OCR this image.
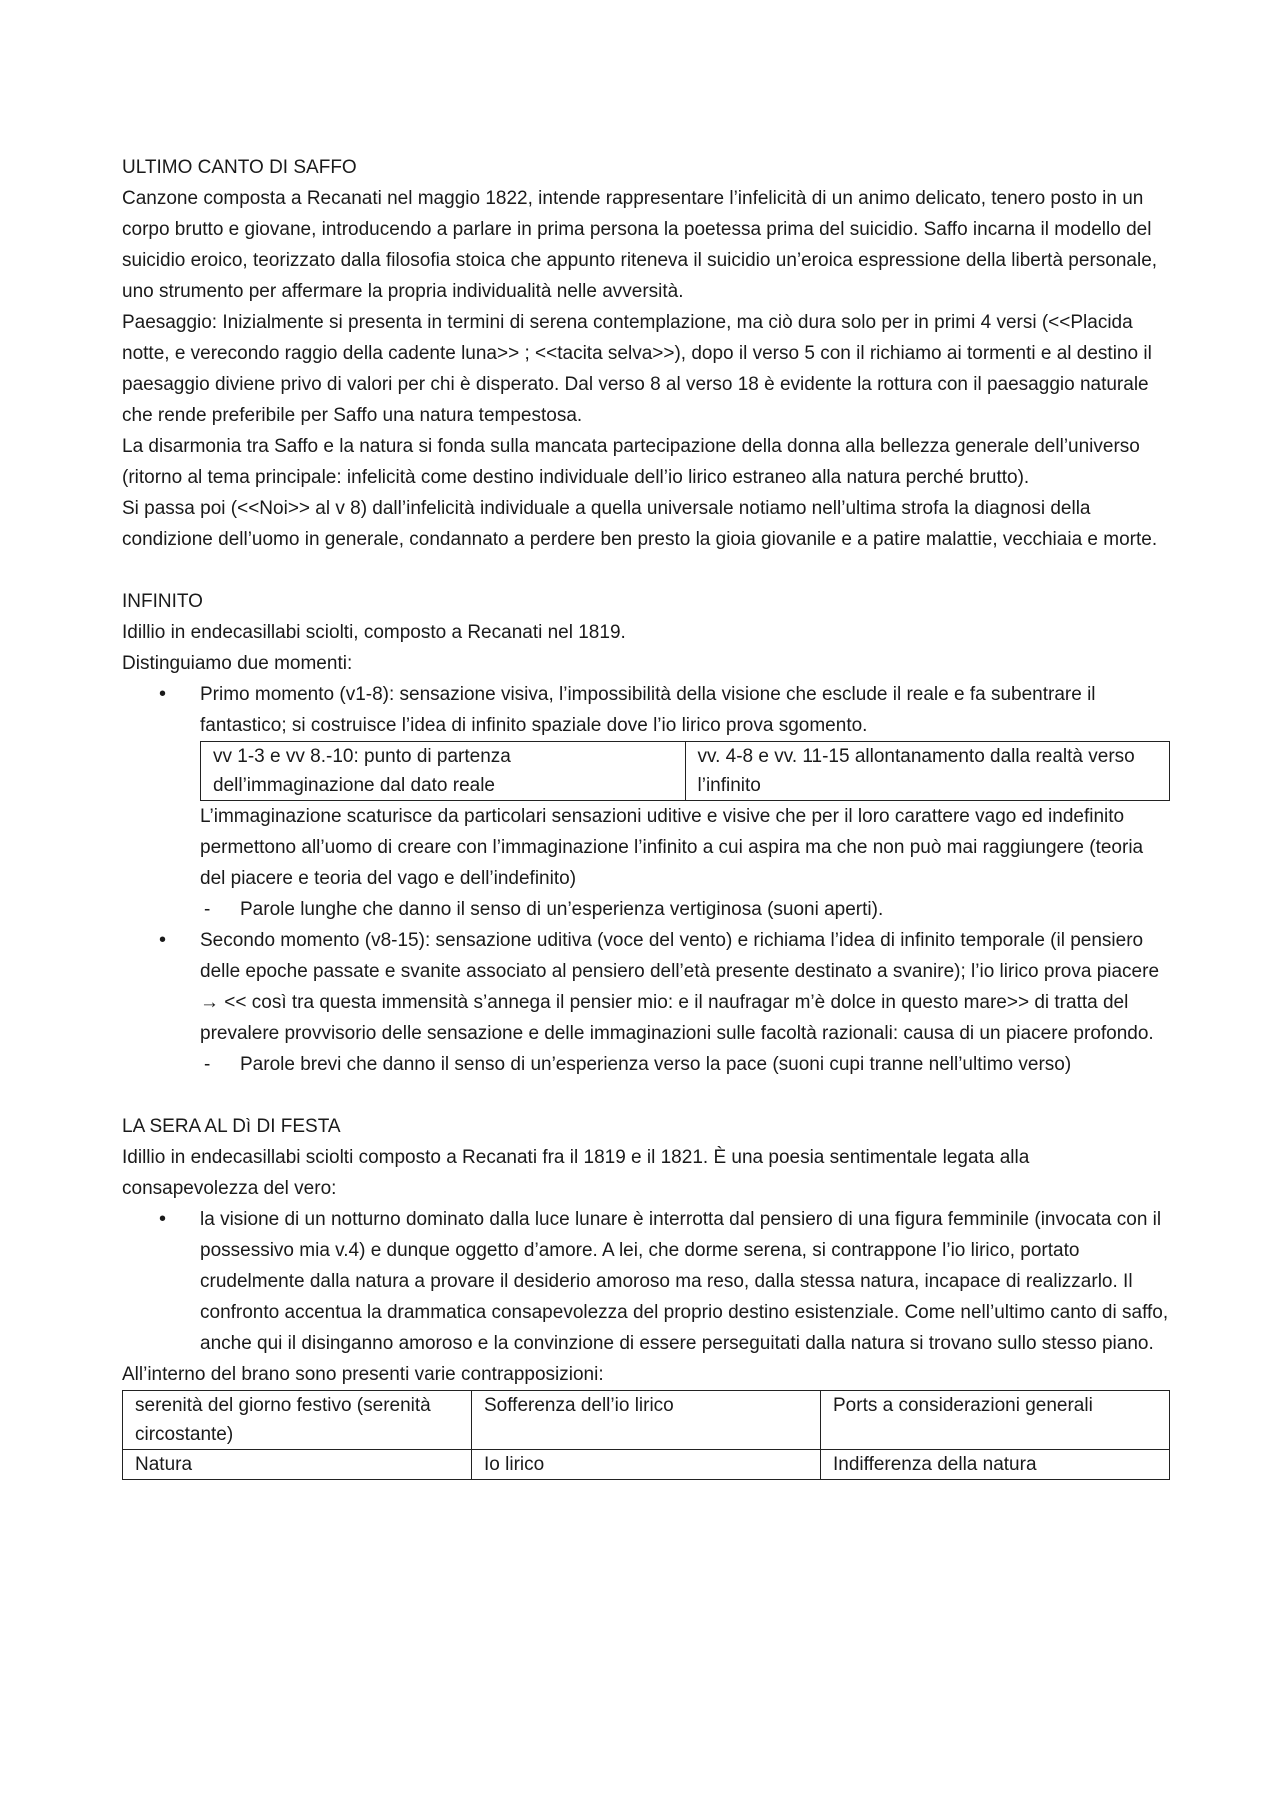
ULTIMO CANTO DI SAFFO

Canzone composta a Recanati nel maggio 1822, intende rappresentare l’infelicità di un animo delicato, tenero posto in un corpo brutto e giovane, introducendo a parlare in prima persona la poetessa prima del suicidio. Saffo incarna il modello del suicidio eroico, teorizzato dalla filosofia stoica che appunto riteneva il suicidio un’eroica espressione della libertà personale, uno strumento per affermare la propria individualità nelle avversità.

Paesaggio: Inizialmente si presenta in termini di serena contemplazione, ma ciò dura solo per in primi 4 versi (<<Placida notte, e verecondo raggio della cadente luna>> ; <<tacita selva>>), dopo il verso 5 con il richiamo ai tormenti e al destino il paesaggio diviene privo di valori per chi è disperato. Dal verso 8 al verso 18 è evidente la rottura con il paesaggio naturale che rende preferibile per Saffo una natura tempestosa.

La disarmonia tra Saffo e la natura si fonda sulla mancata partecipazione della donna alla bellezza generale dell’universo (ritorno al tema principale: infelicità come destino individuale dell’io lirico estraneo alla natura perché brutto).

Si passa poi (<<Noi>> al v 8) dall’infelicità individuale a quella universale notiamo nell’ultima strofa la diagnosi della condizione dell’uomo in generale, condannato a perdere ben presto la gioia giovanile e a patire malattie, vecchiaia e morte.

INFINITO

Idillio in endecasillabi sciolti, composto a Recanati nel 1819.

Distinguiamo due momenti:

• Primo momento (v1-8): sensazione visiva, l’impossibilità della visione che esclude il reale e fa subentrare il fantastico; si costruisce l’idea di infinito spaziale dove l’io lirico prova sgomento.
vv 1-3 e vv 8.-10: punto di partenza dell’immaginazione dal dato reale	vv. 4-8 e vv. 11-15 allontanamento dalla realtà verso l’infinito

L’immaginazione scaturisce da particolari sensazioni uditive e visive che per il loro carattere vago ed indefinito permettono all’uomo di creare con l’immaginazione l’infinito a cui aspira ma che non può mai raggiungere (teoria del piacere e teoria del vago e dell’indefinito)

- Parole lunghe che danno il senso di un’esperienza vertiginosa (suoni aperti).
• Secondo momento (v8-15): sensazione uditiva (voce del vento) e richiama l’idea di infinito temporale (il pensiero delle epoche passate e svanite associato al pensiero dell’età presente destinato a svanire); l’io lirico prova piacere → << così tra questa immensità s’annega il pensier mio: e il naufragar m’è dolce in questo mare>> di tratta del prevalere provvisorio delle sensazione e delle immaginazioni sulle facoltà razionali: causa di un piacere profondo.
- Parole brevi che danno il senso di un’esperienza verso la pace (suoni cupi tranne nell’ultimo verso)

LA SERA AL Dì DI FESTA

Idillio in endecasillabi sciolti composto a Recanati fra il 1819 e il 1821. È una poesia sentimentale legata alla consapevolezza del vero:

• la visione di un notturno dominato dalla luce lunare è interrotta dal pensiero di una figura femminile (invocata con il possessivo mia v.4) e dunque oggetto d’amore. A lei, che dorme serena, si contrappone l’io lirico, portato crudelmente dalla natura a provare il desiderio amoroso ma reso, dalla stessa natura, incapace di realizzarlo. Il confronto accentua la drammatica consapevolezza del proprio destino esistenziale. Come nell’ultimo canto di saffo, anche qui il disinganno amoroso e la convinzione di essere perseguitati dalla natura si trovano sullo stesso piano.

All’interno del brano sono presenti varie contrapposizioni:

serenità del giorno festivo (serenità circostante)	Sofferenza dell’io lirico	Ports a considerazioni generali
Natura	Io lirico	Indifferenza della natura
